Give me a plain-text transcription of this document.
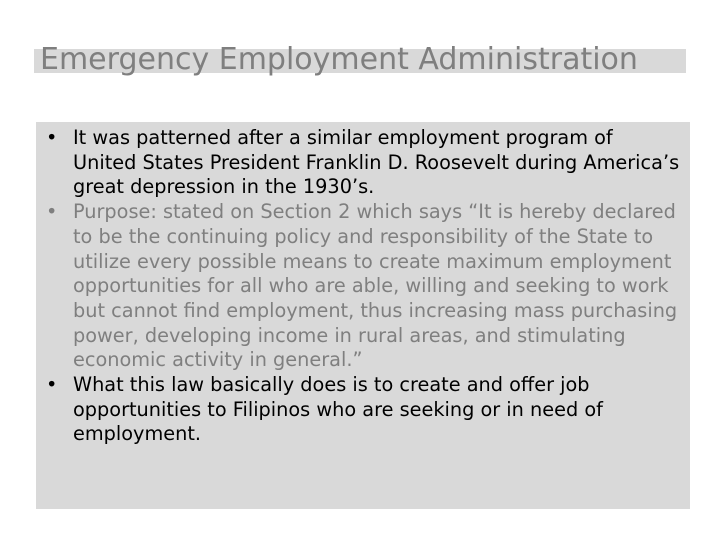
Emergency Employment Administration
• It was patterned after a similar employment program of United States President Franklin D. Roosevelt during America’s great depression in the 1930’s.
• Purpose: stated on Section 2 which says “It is hereby declared to be the continuing policy and responsibility of the State to utilize every possible means to create maximum employment opportunities for all who are able, willing and seeking to work but cannot find employment, thus increasing mass purchasing power, developing income in rural areas, and stimulating economic activity in general.”
• What this law basically does is to create and offer job opportunities to Filipinos who are seeking or in need of employment.
